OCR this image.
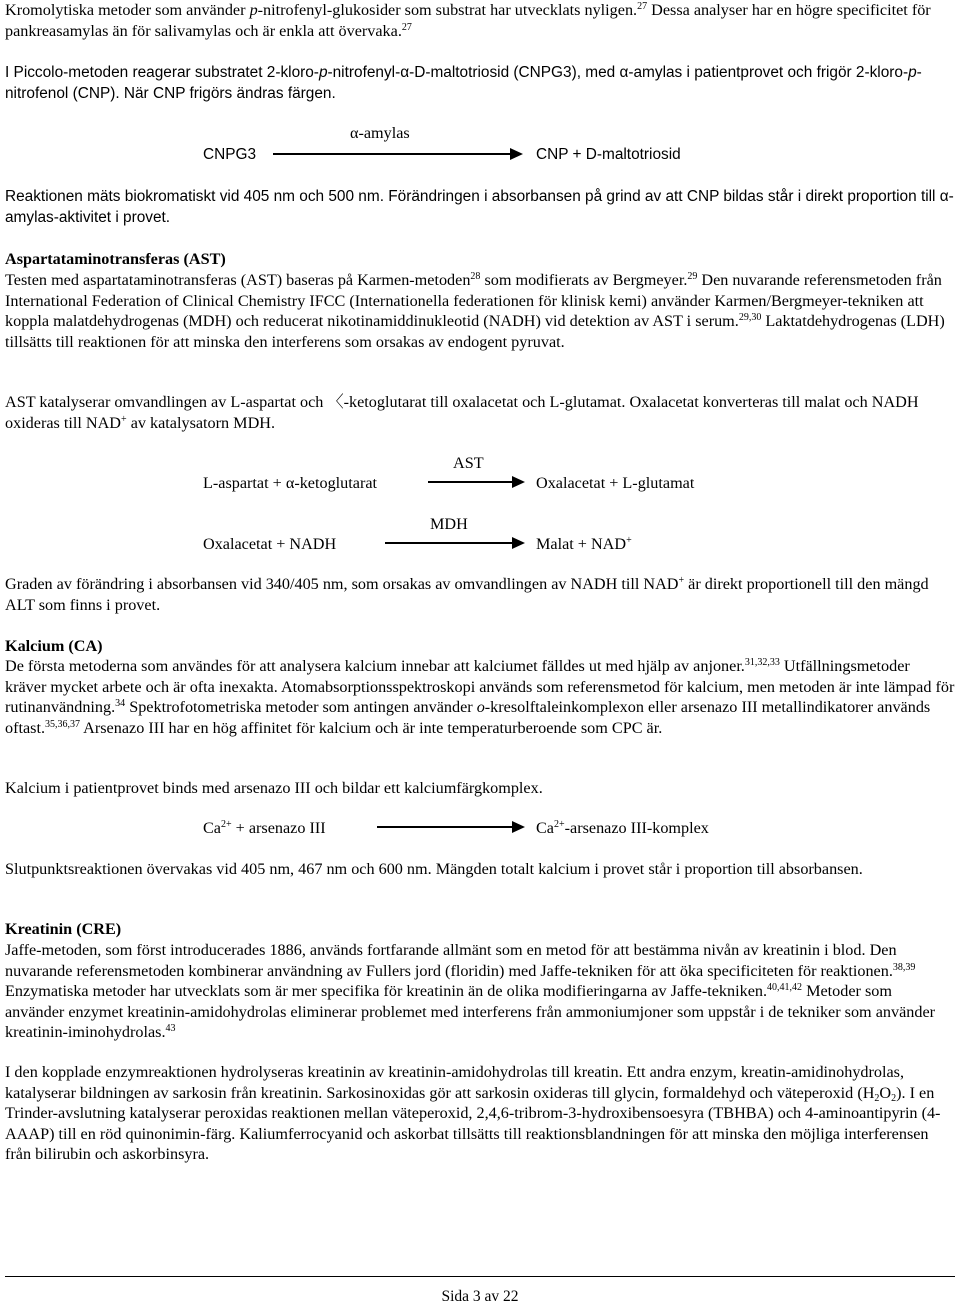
Kromolytiska metoder som använder p-nitrofenyl-glukosider som substrat har utvecklats nyligen.$^{27}$ Dessa analyser har en högre specificitet för pankreasamylas än för salivamylas och är enkla att övervaka.$^{27}$

I Piccolo-metoden reagerar substratet 2-kloro-p-nitrofenyl-α-D-maltotriosid (CNPG3), med α-amylas i patientprovet och frigör 2-kloro-p-nitrofenol (CNP). När CNP frigörs ändras färgen.

α-amylas
CNPG3	CNP + D-maltotriosid

Reaktionen mäts biokromatiskt vid 405 nm och 500 nm. Förändringen i absorbansen på grind av att CNP bildas står i direkt proportion till α-amylas-aktivitet i provet.

Aspartataminotransferas (AST)

Testen med aspartataminotransferas (AST) baseras på Karmen-metoden$^{28}$ som modifierats av Bergmeyer.$^{29}$ Den nuvarande referensmetoden från International Federation of Clinical Chemistry IFCC (Internationella federationen för klinisk kemi) använder Karmen/Bergmeyer-tekniken att koppla malatdehydrogenas (MDH) och reducerat nikotinamiddinukleotid (NADH) vid detektion av AST i serum.$^{29,30}$ Laktatdehydrogenas (LDH) tillsätts till reaktionen för att minska den interferens som orsakas av endogent pyruvat.

AST katalyserar omvandlingen av L-aspartat och 〈-ketoglutarat till oxalacetat och L-glutamat. Oxalacetat konverteras till malat och NADH oxideras till NAD+ av katalysatorn MDH.

AST
L-aspartat + α-ketoglutarat	Oxalacetat + L-glutamat
MDH
Oxalacetat + NADH	Malat + NAD+

Graden av förändring i absorbansen vid 340/405 nm, som orsakas av omvandlingen av NADH till NAD+ är direkt proportionell till den mängd ALT som finns i provet.

Kalcium (CA)

De första metoderna som användes för att analysera kalcium innebar att kalciumet fälldes ut med hjälp av anjoner.$^{31,32,33}$ Utfällningsmetoder kräver mycket arbete och är ofta inexakta. Atomabsorptionsspektroskopi används som referensmetod för kalcium, men metoden är inte lämpad för rutinanvändning.$^{34}$ Spektrofotometriska metoder som antingen använder o-kresolftaleinkomplexon eller arsenazo III metallindikatorer används oftast.$^{35,36,37}$ Arsenazo III har en hög affinitet för kalcium och är inte temperaturberoende som CPC är.

Kalcium i patientprovet binds med arsenazo III och bildar ett kalciumfärgkomplex.

$Ca^{2+}$ + arsenazo III	$Ca^{2+}$-arsenazo III-komplex

Slutpunktsreaktionen övervakas vid 405 nm, 467 nm och 600 nm. Mängden totalt kalcium i provet står i proportion till absorbansen.

Kreatinin (CRE)

Jaffe-metoden, som först introducerades 1886, används fortfarande allmänt som en metod för att bestämma nivån av kreatinin i blod. Den nuvarande referensmetoden kombinerar användning av Fullers jord (floridin) med Jaffe-tekniken för att öka specificiteten för reaktionen.$^{38,39}$ Enzymatiska metoder har utvecklats som är mer specifika för kreatinin än de olika modifieringarna av Jaffe-tekniken.$^{40,41,42}$ Metoder som använder enzymet kreatinin-amidohydrolas eliminerar problemet med interferens från ammoniumjoner som uppstår i de tekniker som använder kreatinin-iminohydrolas.$^{43}$

I den kopplade enzymreaktionen hydrolyseras kreatinin av kreatinin-amidohydrolas till kreatin. Ett andra enzym, kreatin-amidinohydrolas, katalyserar bildningen av sarkosin från kreatinin. Sarkosinoxidas gör att sarkosin oxideras till glycin, formaldehyd och väteperoxid $(H_2O_2)$. I en Trinder-avslutning katalyserar peroxidas reaktionen mellan väteperoxid, 2,4,6-tribrom-3-hydroxibensoesyra (TBHBA) och 4-aminoantipyrin (4-AAAP) till en röd quinonimin-färg. Kaliumferrocyanid och askorbat tillsätts till reaktionsblandningen för att minska den möjliga interferensen från bilirubin och askorbinsyra.

Sida 3 av 22
